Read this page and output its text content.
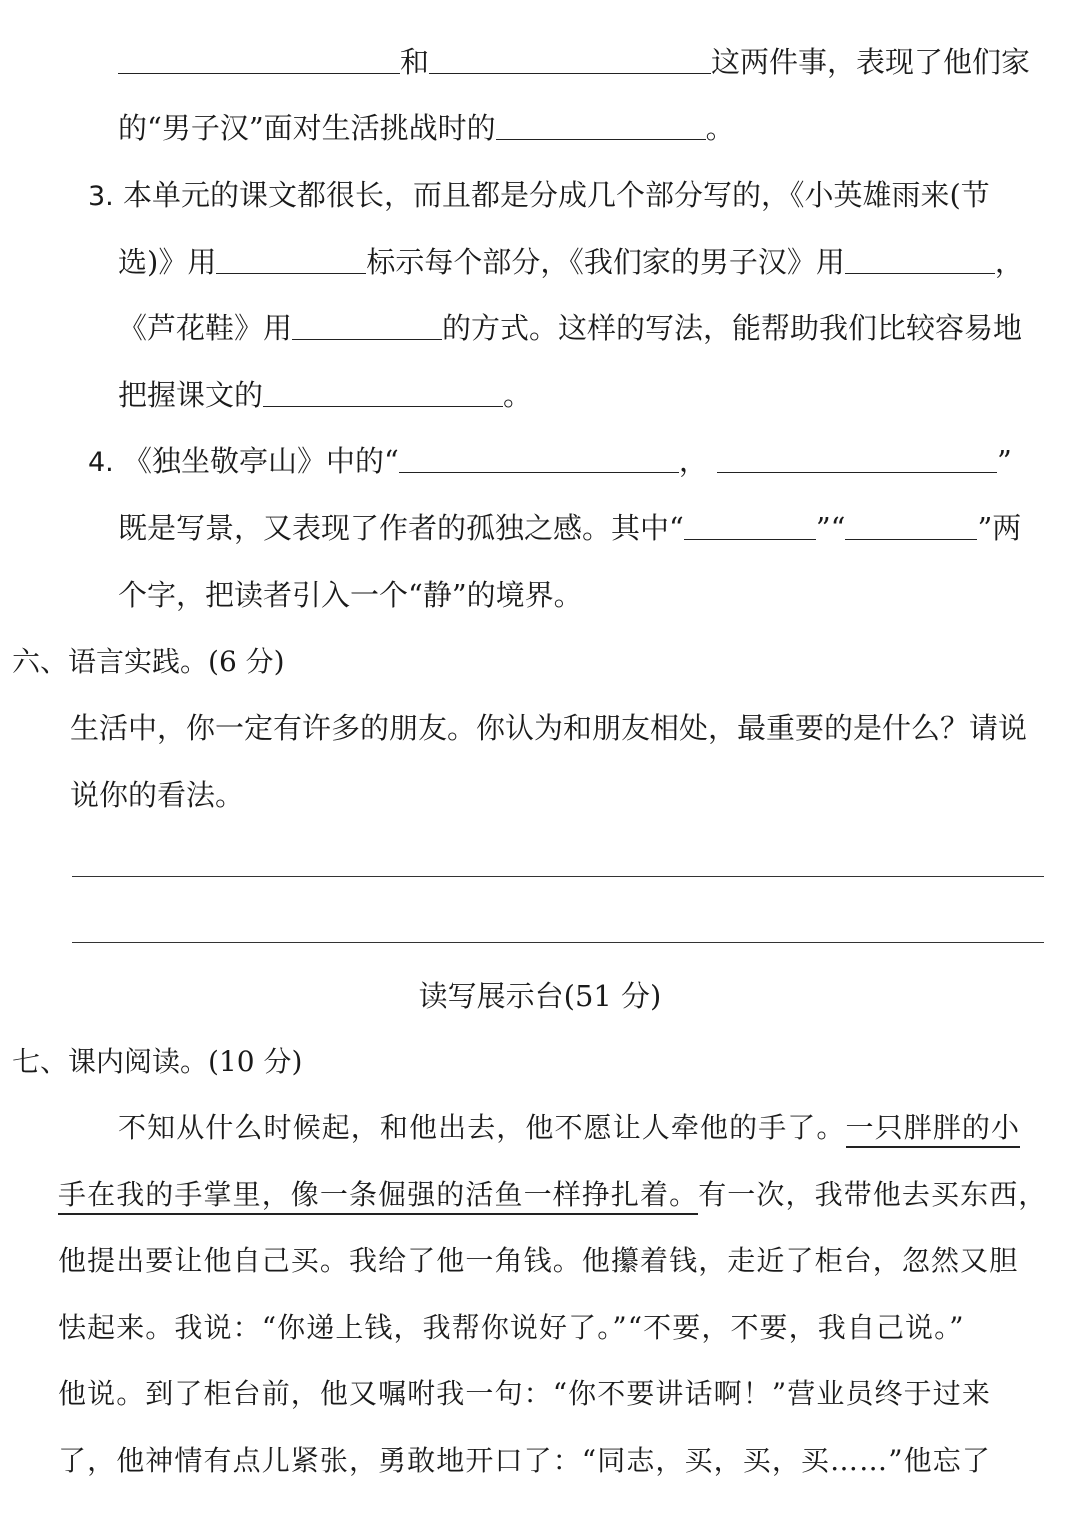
和	这两件事，表现了他们家
的“男子汉”面对生活挑战时的	。
3. 本单元的课文都很长，而且都是分成几个部分写的，《小英雄雨来(节
选)》用	标示每个部分，《我们家的男子汉》用	，
《芦花鞋》用	的方式。这样的写法，能帮助我们比较容易地
把握课文的	。
4. 《独坐敬亭山》中的“	，	”
既是写景，又表现了作者的孤独之感。其中“	”“	”两
个字，把读者引入一个“静”的境界。
六、语言实践。(6 分)
生活中，你一定有许多的朋友。你认为和朋友相处，最重要的是什么？请说
说你的看法。
读写展示台(51 分)
七、课内阅读。(10 分)
不知从什么时候起，和他出去，他不愿让人牵他的手了。一只胖胖的小
手在我的手掌里，像一条倔强的活鱼一样挣扎着。有一次，我带他去买东西，
他提出要让他自己买。我给了他一角钱。他攥着钱，走近了柜台，忽然又胆
怯起来。我说：“你递上钱，我帮你说好了。”“不要，不要，我自己说。”
他说。到了柜台前，他又嘱咐我一句：“你不要讲话啊！”营业员终于过来
了，他神情有点儿紧张，勇敢地开口了：“同志，买，买，买……”他忘了
